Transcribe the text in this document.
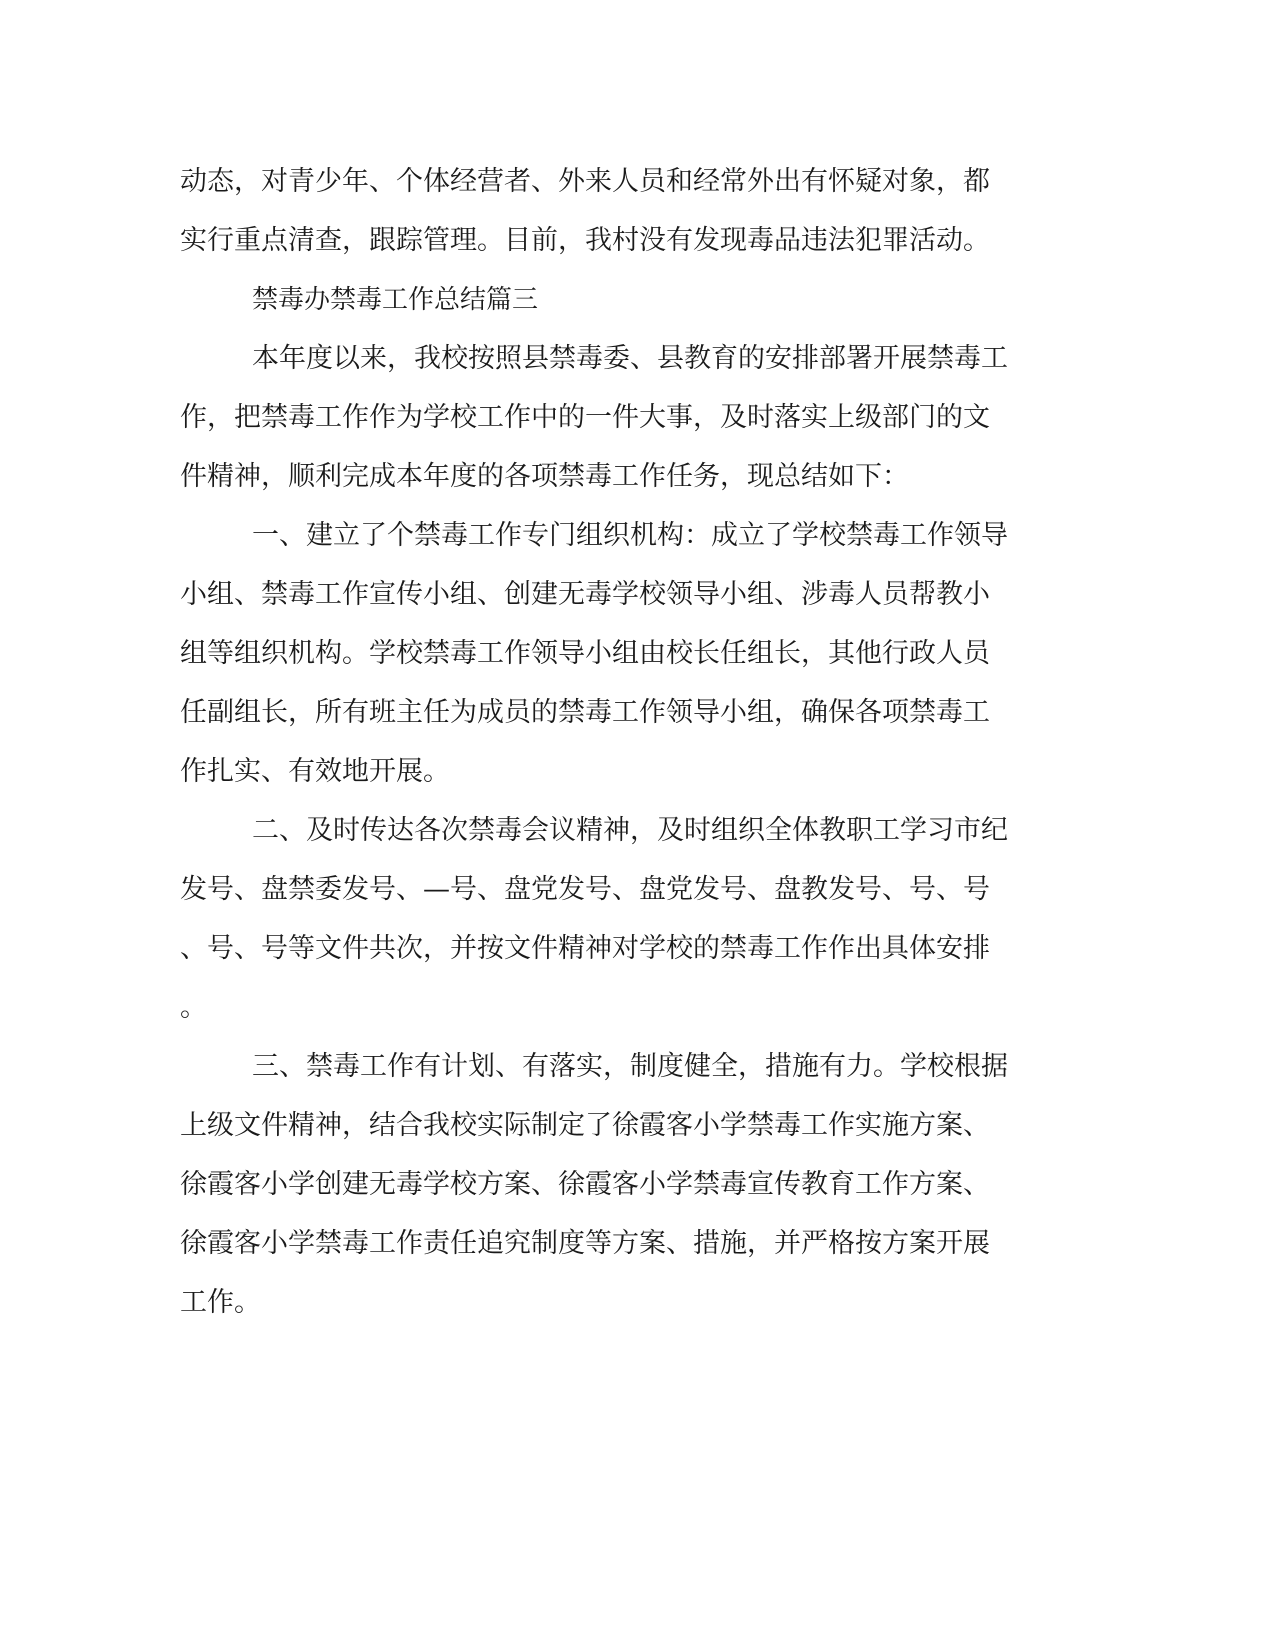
动态，对青少年、个体经营者、外来人员和经常外出有怀疑对象，都
实行重点清查，跟踪管理。目前，我村没有发现毒品违法犯罪活动。
禁毒办禁毒工作总结篇三
本年度以来，我校按照县禁毒委、县教育的安排部署开展禁毒工
作，把禁毒工作作为学校工作中的一件大事，及时落实上级部门的文
件精神，顺利完成本年度的各项禁毒工作任务，现总结如下：
一、建立了个禁毒工作专门组织机构：成立了学校禁毒工作领导
小组、禁毒工作宣传小组、创建无毒学校领导小组、涉毒人员帮教小
组等组织机构。学校禁毒工作领导小组由校长任组长，其他行政人员
任副组长，所有班主任为成员的禁毒工作领导小组，确保各项禁毒工
作扎实、有效地开展。
二、及时传达各次禁毒会议精神，及时组织全体教职工学习市纪
发号、盘禁委发号、—号、盘党发号、盘党发号、盘教发号、号、号
、号、号等文件共次，并按文件精神对学校的禁毒工作作出具体安排
。
三、禁毒工作有计划、有落实，制度健全，措施有力。学校根据
上级文件精神，结合我校实际制定了徐霞客小学禁毒工作实施方案、
徐霞客小学创建无毒学校方案、徐霞客小学禁毒宣传教育工作方案、
徐霞客小学禁毒工作责任追究制度等方案、措施，并严格按方案开展
工作。
